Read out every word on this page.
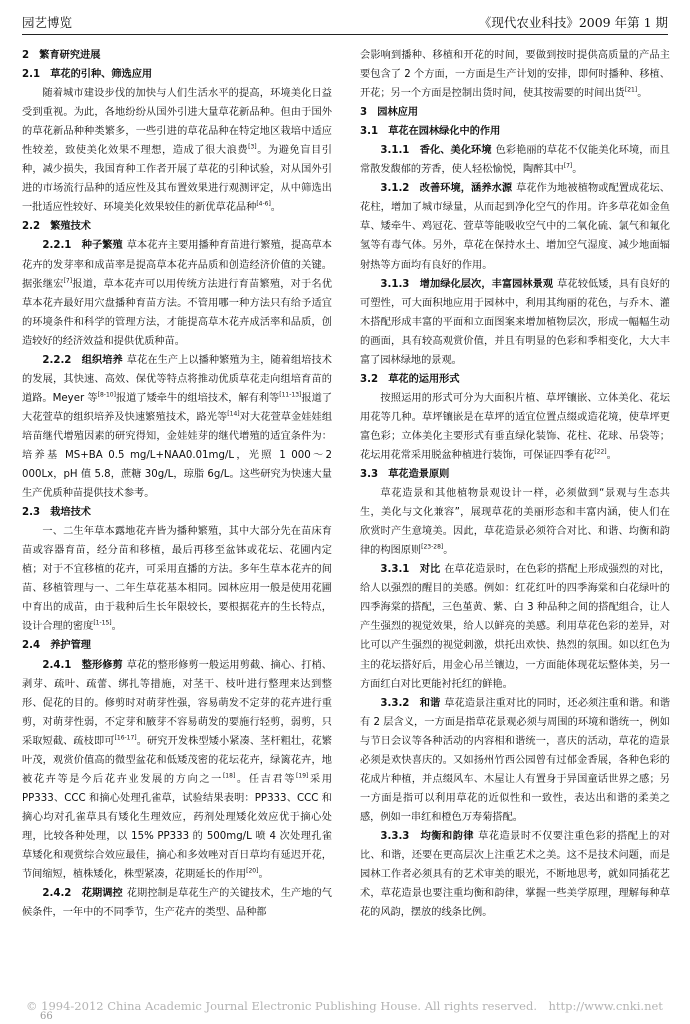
园艺博览	《现代农业科技》2009 年第 1 期

2　繁育研究进展

2.1　草花的引种、筛选应用

随着城市建设步伐的加快与人们生活水平的提高，环境美化日益受到重视。为此，各地纷纷从国外引进大量草花新品种。但由于国外的草花新品种种类繁多，一些引进的草花品种在特定地区栽培中适应性较差，致使美化效果不理想，造成了很大浪费[3]。为避免盲目引种，减少损失，我国育种工作者开展了草花的引种试验，对从国外引进的市场流行品种的适应性及其布置效果进行观测评定，从中筛选出一批适应性较好、环境美化效果较佳的新优草花品种[4-6]。

2.2　繁殖技术

2.2.1　种子繁殖 草本花卉主要用播种育苗进行繁殖，提高草本花卉的发芽率和成苗率是提高草本花卉品质和创造经济价值的关键。据张继宏[7]报道，草本花卉可以用传统方法进行育苗繁殖，对于名优草本花卉最好用穴盘播种育苗方法。不管用哪一种方法只有给予适宜的环境条件和科学的管理方法，才能提高草木花卉成活率和品质，创造较好的经济效益和提供优质种苗。

2.2.2　组织培养 草花在生产上以播种繁殖为主，随着组培技术的发展，其快速、高效、保优等特点将推动优质草花走向组培育苗的道路。Meyer 等[8-10]报道了矮牵牛的组培技术，解有利等[11-13]报道了大花萱草的组织培养及快速繁殖技术，路光等[14]对大花萱草金娃娃组培苗继代增殖因素的研究得知，金娃娃芽的继代增殖的适宜条件为：培养基 MS+BA 0.5 mg/L+NAA0.01mg/L，光照 1 000～2 000Lx，pH 值 5.8，蔗糖 30g/L，琼脂 6g/L。这些研究为快速大量生产优质种苗提供技术参考。

2.3　栽培技术

一、二生年草本露地花卉皆为播种繁殖，其中大部分先在苗床育苗或容器育苗，经分苗和移植，最后再移至盆钵或花坛、花圃内定植；对于不宜移植的花卉，可采用直播的方法。多年生草本花卉的间苗、移植管理与一、二年生草花基本相同。园林应用一般是使用花圃中育出的成苗，由于栽种后生长年限较长，要根据花卉的生长特点，设计合理的密度[1-15]。

2.4　养护管理

2.4.1　整形修剪 草花的整形修剪一般运用剪截、摘心、打梢、剥芽、疏叶、疏蕾、绑扎等措施，对茎干、枝叶进行整理来达到整形、促花的目的。修剪时对萌芽性强，容易萌发不定芽的花卉进行重剪，对萌芽性弱，不定芽和腋芽不容易萌发的要施行轻剪，弱剪，只采取短截、疏枝即可[16-17]。研究开发株型矮小紧凑、茎杆粗壮，花繁叶茂，观赏价值高的微型盆花和低矮茂密的花坛花卉，绿篱花卉，地被花卉等是今后花卉业发展的方向之一[18]。任吉君等[19]采用PP333、CCC 和摘心处理孔雀草，试验结果表明：PP333、CCC 和摘心均对孔雀草具有矮化生理效应，药剂处理矮化效应优于摘心处理，比较各种处理，以 15% PP333 的 500mg/L 喷 4 次处理孔雀草矮化和观赏综合效应最佳，摘心和多效唑对百日草均有延迟开花，节间缩短，植株矮化，株型紧凑，花期延长的作用[20]。

2.4.2　花期调控 花期控制是草花生产的关键技术，生产地的气候条件，一年中的不同季节，生产花卉的类型、品种都

会影响到播种、移植和开花的时间，要做到按时提供高质量的产品主要包含了 2 个方面，一方面是生产计划的安排，即何时播种、移植、开花；另一个方面是控制出货时间，使其按需要的时间出货[21]。

3　园林应用

3.1　草花在园林绿化中的作用

3.1.1　香化、美化环境 色彩艳丽的草花不仅能美化环境，而且常散发馥郁的芳香，使人轻松愉悦，陶醉其中[7]。

3.1.2　改善环境，涵养水源 草花作为地被植物或配置成花坛、花柱，增加了城市绿量，从而起到净化空气的作用。许多草花如金鱼草、矮牵牛、鸡冠花、萱草等能吸收空气中的二氧化硫、氯气和氟化氢等有毒气体。另外，草花在保持水土、增加空气湿度、减少地面辐射热等方面均有良好的作用。

3.1.3　增加绿化层次，丰富园林景观 草花较低矮，具有良好的可塑性，可大面积地应用于园林中，利用其绚丽的花色，与乔木、灌木搭配形成丰富的平面和立面图案来增加植物层次，形成一幅幅生动的画面，具有较高观赏价值，并且有明显的色彩和季相变化，大大丰富了园林绿地的景观。

3.2　草花的运用形式

按照运用的形式可分为大面积片植、草坪镶嵌、立体美化、花坛用花等几种。草坪镶嵌是在草坪的适宜位置点缀或造花境，使草坪更富色彩；立体美化主要形式有垂直绿化装饰、花柱、花球、吊袋等；花坛用花常采用脱盆种植进行装饰，可保证四季有花[22]。

3.3　草花造景原则

草花造景和其他植物景观设计一样，必须做到“景观与生态共生，美化与文化兼容”，展现草花的美丽形态和丰富内涵，使人们在欣赏时产生意境美。因此，草花造景必须符合对比、和谐、均衡和韵律的构图原则[23-28]。

3.3.1　对比 在草花造景时，在色彩的搭配上形成强烈的对比，给人以强烈的醒目的美感。例如：红花红叶的四季海棠和白花绿叶的四季海棠的搭配，三色堇黄、紫、白 3 种品种之间的搭配组合，让人产生强烈的视觉效果，给人以鲜亮的美感。利用草花色彩的差异，对比可以产生强烈的视觉刺激，烘托出欢快、热烈的氛围。如以红色为主的花坛搭好后，用金心吊兰镶边，一方面能体现花坛整体美，另一方面红白对比更能衬托红的鲜艳。

3.3.2　和谐 草花造景注重对比的同时，还必须注重和谐。和谐有 2 层含义，一方面是指草花景观必须与周围的环境和谐统一，例如与节日会议等各种活动的内容相和谐统一，喜庆的活动，草花的造景必须是欢快喜庆的。又如扬州竹西公园曾有过郁金香展，各种色彩的花成片种植，并点缀风车、木屋让人有置身于异国童话世界之感；另一方面是指可以利用草花的近似性和一致性，表达出和谐的柔美之感，例如一串红和橙色万寿菊搭配。

3.3.3　均衡和韵律 草花造景时不仅要注重色彩的搭配上的对比、和谐，还要在更高层次上注重艺术之美。这不是技术问题，而是园林工作者必须具有的艺术审美的眼光，不断地思考，就如同插花艺术，草花造景也要注重均衡和韵律，掌握一些美学原理，理解每种草花的风韵，摆放的线条比例。

© 1994-2012 China Academic Journal Electronic Publishing House. All rights reserved.　http://www.cnki.net
66
